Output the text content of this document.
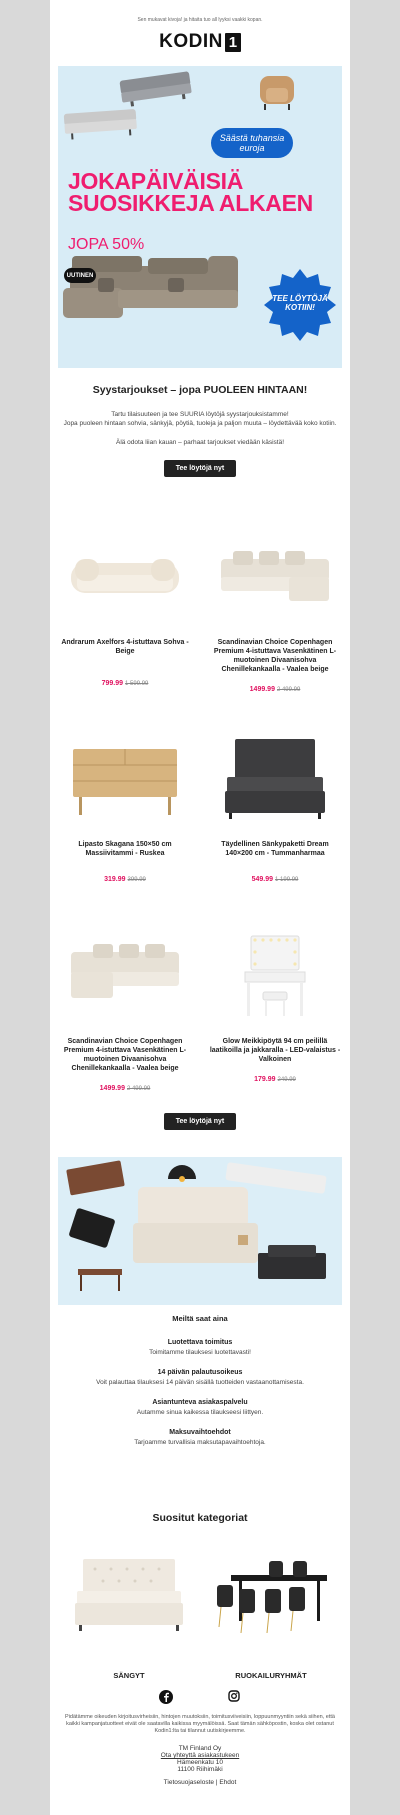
Sen mukavat kivoja! ja hitaita tuo all lyyksi vaakki kopan.
KODIN 1
Säästä tuhansia euroja
JOKAPÄIVÄISIÄ SUOSIKKEJA ALKAEN
JOPA 50%
UUTINEN
TEE LÖYTÖJÄ KOTIIN!
Syystarjoukset – jopa PUOLEEN HINTAAN!
Tartu tilaisuuteen ja tee SUURIA löytöjä syystarjouksistamme!
Jopa puoleen hintaan sohvia, sänkyjä, pöytiä, tuoleja ja paljon muuta – löydettävää koko kotiin.
Älä odota liian kauan – parhaat tarjoukset viedään käsistä!
Tee löytöjä nyt
Andrarum Axelfors 4-istuttava Sohva - Beige
799.99 1 599.99
Scandinavian Choice Copenhagen Premium 4-istuttava Vasenkätinen L-muotoinen Divaanisohva Chenillekankaalla - Vaalea beige
1499.99 2 499.99
Lipasto Skagana 150×50 cm Massiivitammi - Ruskea
319.99 399.99
Täydellinen Sänkypaketti Dream 140×200 cm - Tummanharmaa
549.99 1 199.99
Scandinavian Choice Copenhagen Premium 4-istuttava Vasenkätinen L-muotoinen Divaanisohva Chenillekankaalla - Vaalea beige
1499.99 2 499.99
Glow Meikkipöytä 94 cm peilillä laatikoilla ja jakkaralla - LED-valaistus - Valkoinen
179.99 249.99
Tee löytöjä nyt
Meiltä saat aina
Luotettava toimitus
Toimitamme tilauksesi luotettavasti!
14 päivän palautusoikeus
Voit palauttaa tilauksesi 14 päivän sisällä tuotteiden vastaanottamisesta.
Asiantunteva asiakaspalvelu
Autamme sinua kaikessa tilaukseesi liittyen.
Maksuvaihtoehdot
Tarjoamme turvallisia maksutapavaihtoehtoja.
Suositut kategoriat
SÄNGYT	RUOKAILURYHMÄT

Pidätämme oikeuden kirjoitusvirheisiin, hintojen muutoksiin, toimitusviiveisiin, loppuunmyyntiin sekä siihen, että kaikki kampanjatuotteet eivät ole saatavilla kaikissa myymälöissä. Saat tämän sähköpostin, koska olet ostanut Kodin1:lta tai tilannut uutiskirjeemme.
TM Finland Oy
Ota yhteyttä asiakastukeen
Hämeenkatu 10
11100 Riihimäki
Tietosuojaseloste | Ehdot
